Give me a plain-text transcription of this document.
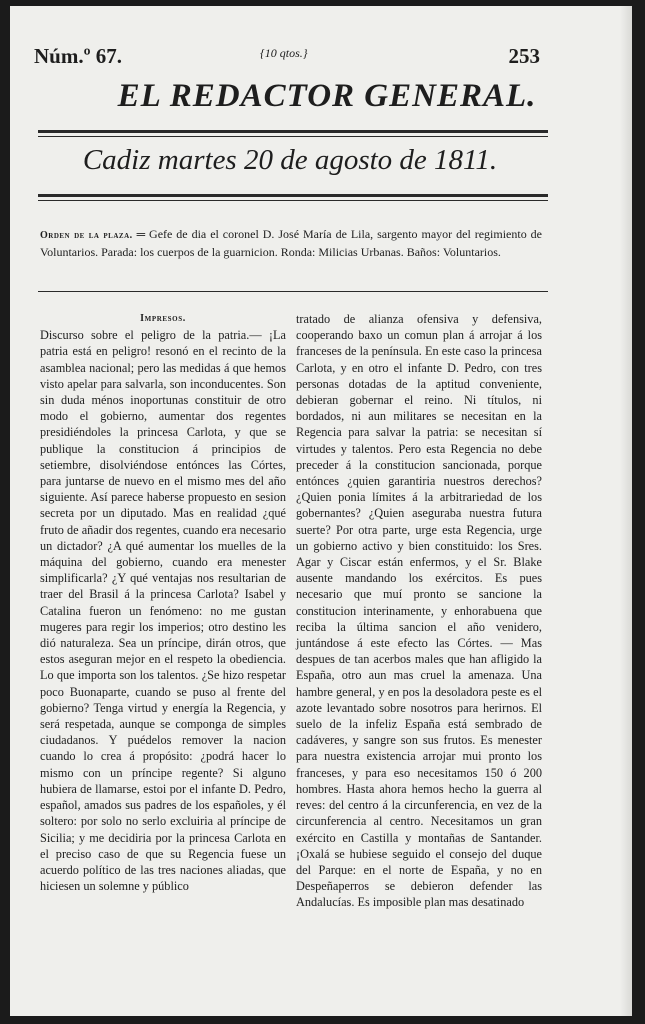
Núm.º 67.	{10 qtos.}	253
EL REDACTOR GENERAL.
Cadiz martes 20 de agosto de 1811.
Orden de la plaza. ═ Gefe de dia el coronel D. José María de Lila, sargento mayor del regimiento de Voluntarios. Parada: los cuerpos de la guarnicion. Ronda: Milicias Urbanas. Baños: Voluntarios.

Impresos.

Discurso sobre el peligro de la patria.— ¡La patria está en peligro! resonó en el recinto de la asamblea nacional; pero las medidas á que hemos visto apelar para salvarla, son inconducentes. Son sin duda ménos inoportunas constituir de otro modo el gobierno, aumentar dos regentes presidiéndoles la princesa Carlota, y que se publique la constitucion á principios de setiembre, disolviéndose entónces las Córtes, para juntarse de nuevo en el mismo mes del año siguiente. Así parece haberse propuesto en sesion secreta por un diputado. Mas en realidad ¿qué fruto de añadir dos regentes, cuando era necesario un dictador? ¿A qué aumentar los muelles de la máquina del gobierno, cuando era menester simplificarla? ¿Y qué ventajas nos resultarian de traer del Brasil á la princesa Carlota? Isabel y Catalina fueron un fenómeno: no me gustan mugeres para regir los imperios; otro destino les dió naturaleza. Sea un príncipe, dirán otros, que estos aseguran mejor en el respeto la obediencia. Lo que importa son los talentos. ¿Se hizo respetar poco Buonaparte, cuando se puso al frente del gobierno? Tenga virtud y energía la Regencia, y será respetada, aunque se componga de simples ciudadanos. Y puédelos remover la nacion cuando lo crea á propósito: ¿podrá hacer lo mismo con un príncipe regente? Si alguno hubiera de llamarse, estoi por el infante D. Pedro, español, amados sus padres de los españoles, y él soltero: por solo no serlo excluiria al príncipe de Sicilia; y me decidiria por la princesa Carlota en el preciso caso de que su Regencia fuese un acuerdo político de las tres naciones aliadas, que hiciesen un solemne y público

tratado de alianza ofensiva y defensiva, cooperando baxo un comun plan á arrojar á los franceses de la península. En este caso la princesa Carlota, y en otro el infante D. Pedro, con tres personas dotadas de la aptitud conveniente, debieran gobernar el reino. Ni títulos, ni bordados, ni aun militares se necesitan en la Regencia para salvar la patria: se necesitan sí virtudes y talentos. Pero esta Regencia no debe preceder á la constitucion sancionada, porque entónces ¿quien garantiria nuestros derechos? ¿Quien ponia límites á la arbitrariedad de los gobernantes? ¿Quien aseguraba nuestra futura suerte? Por otra parte, urge esta Regencia, urge un gobierno activo y bien constituido: los Sres. Agar y Ciscar están enfermos, y el Sr. Blake ausente mandando los exércitos. Es pues necesario que muí pronto se sancione la constitucion interinamente, y enhorabuena que reciba la última sancion el año venidero, juntándose á este efecto las Córtes. — Mas despues de tan acerbos males que han afligido la España, otro aun mas cruel la amenaza. Una hambre general, y en pos la desoladora peste es el azote levantado sobre nosotros para herirnos. El suelo de la infeliz España está sembrado de cadáveres, y sangre son sus frutos. Es menester para nuestra existencia arrojar mui pronto los franceses, y para eso necesitamos 150 ó 200 hombres. Hasta ahora hemos hecho la guerra al reves: del centro á la circunferencia, en vez de la circunferencia al centro. Necesitamos un gran exército en Castilla y montañas de Santander. ¡Oxalá se hubiese seguido el consejo del duque del Parque: en el norte de España, y no en Despeñaperros se debieron defender las Andalucías. Es imposible plan mas desatinado
